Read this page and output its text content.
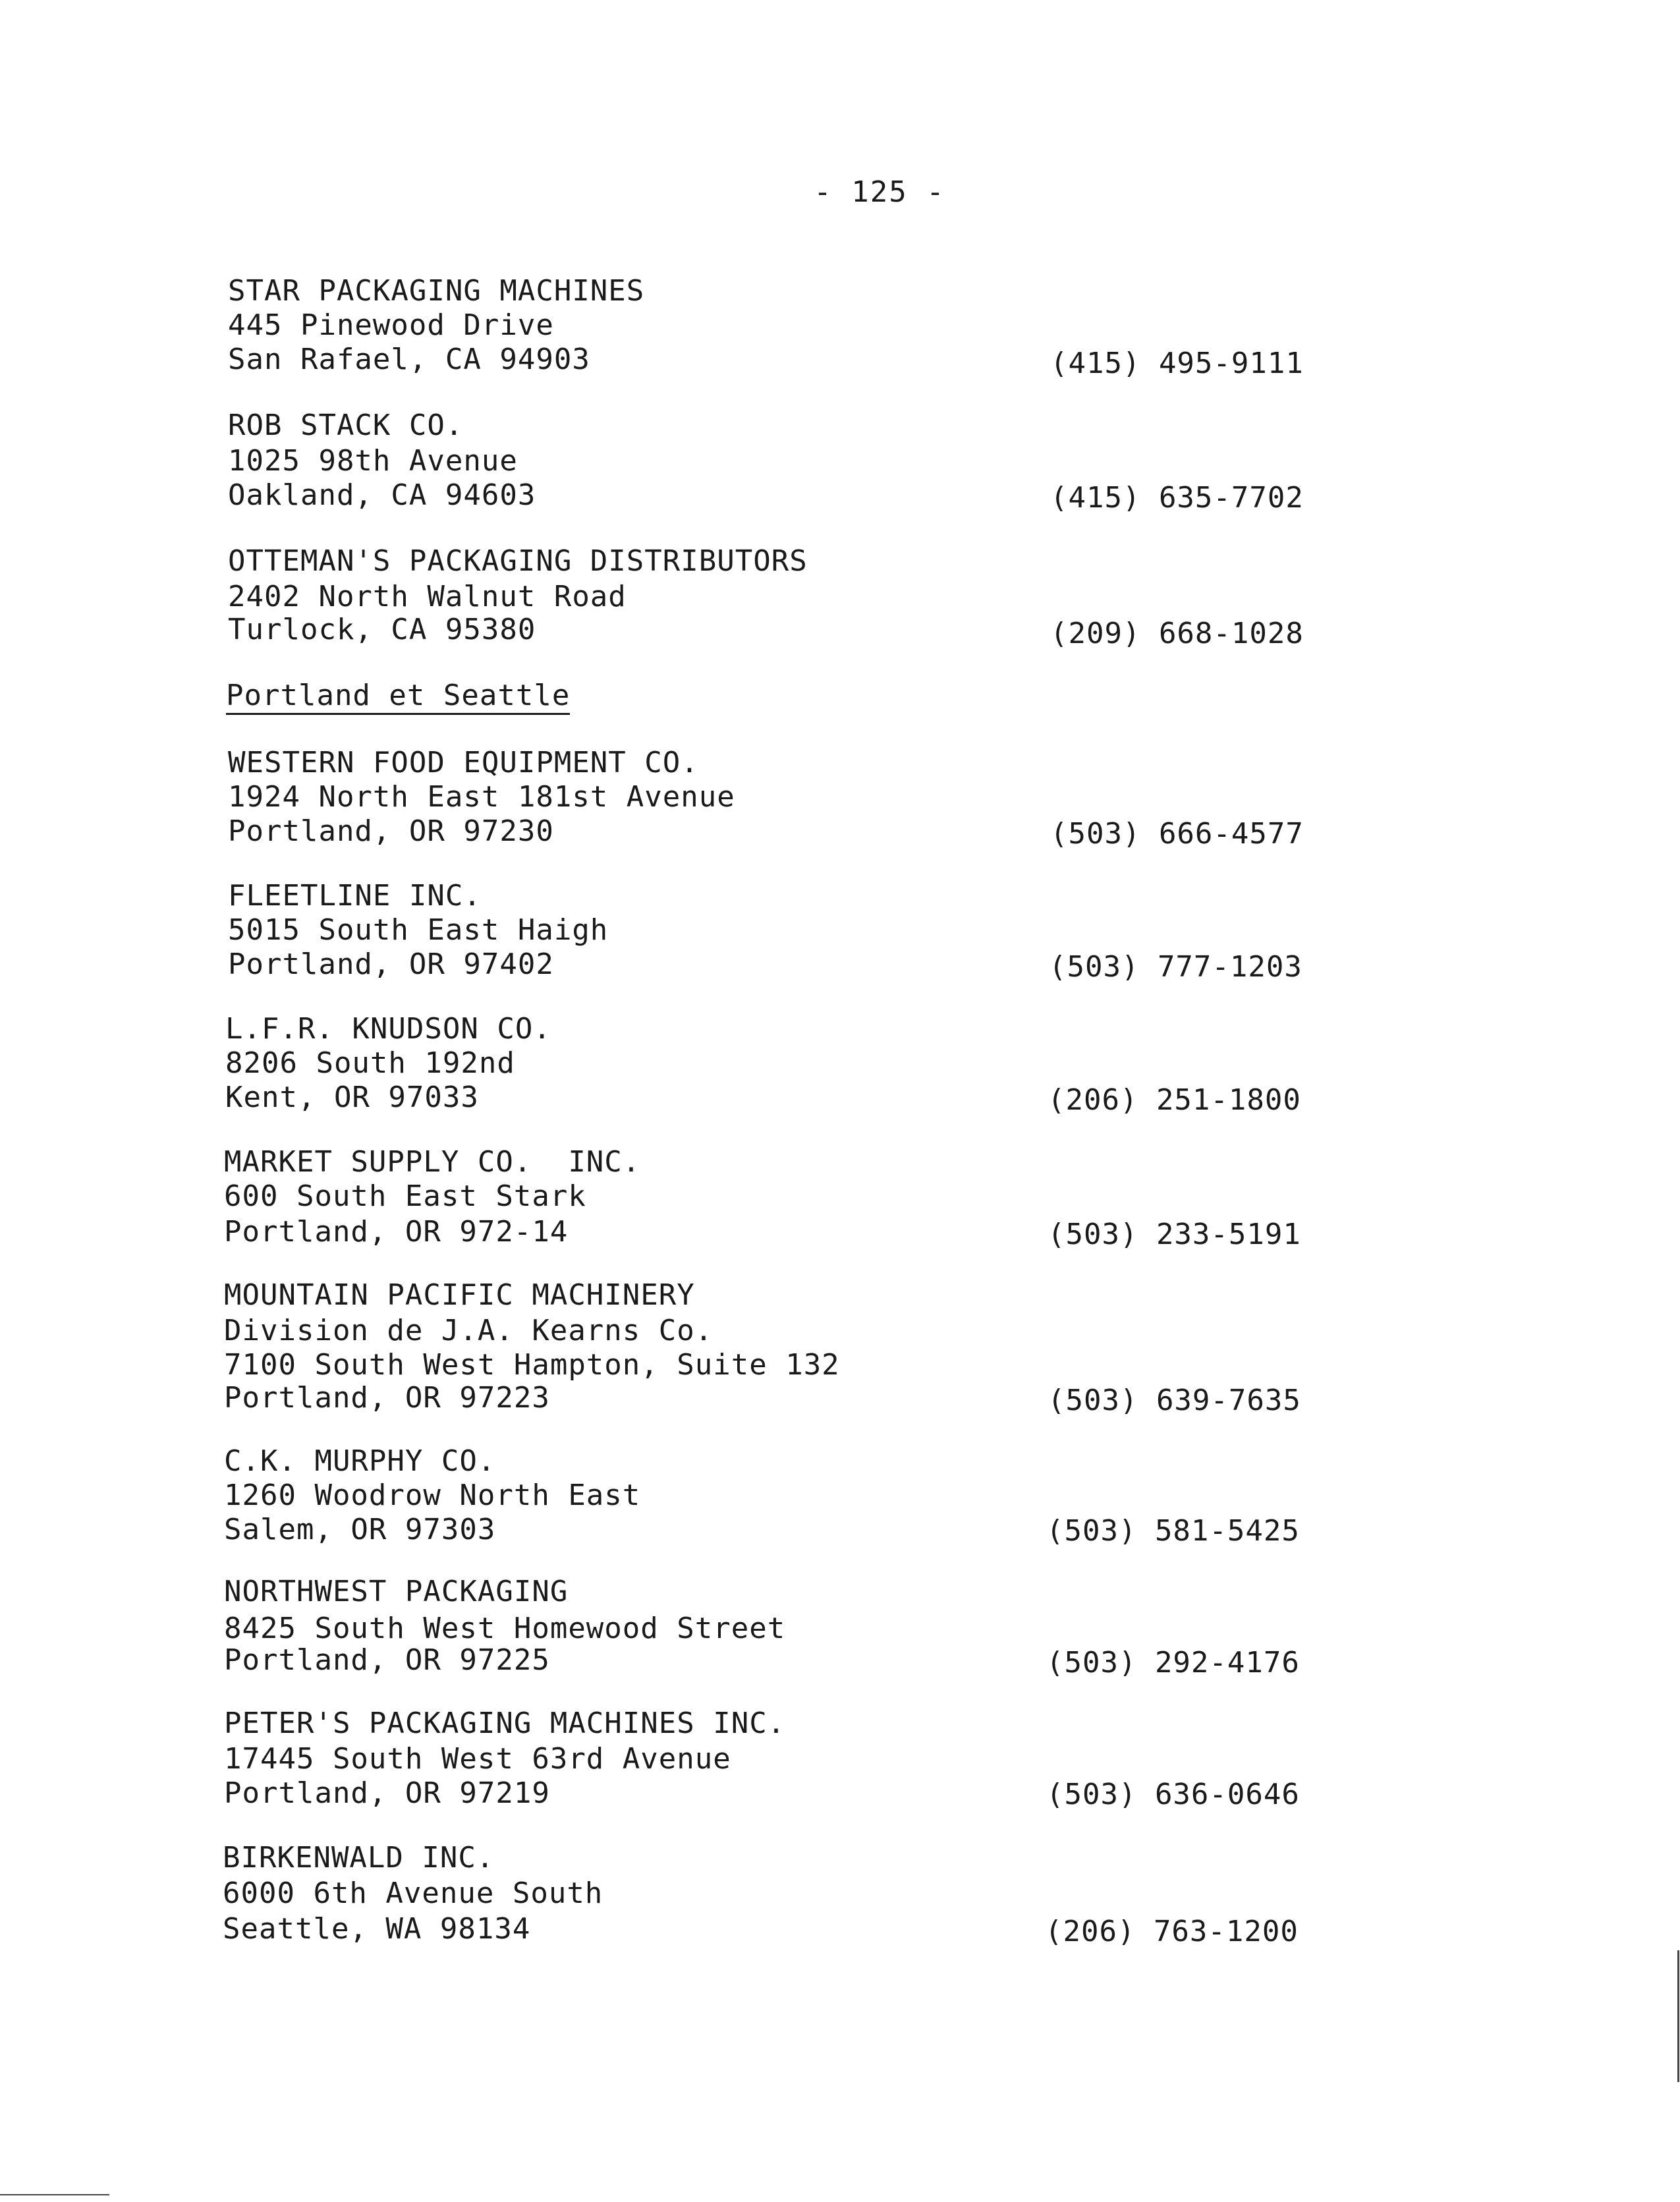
- 125 -
STAR PACKAGING MACHINES
445 Pinewood Drive
San Rafael, CA 94903	(415) 495-9111
ROB STACK CO.
1025 98th Avenue
Oakland, CA 94603	(415) 635-7702
OTTEMAN'S PACKAGING DISTRIBUTORS
2402 North Walnut Road
Turlock, CA 95380	(209) 668-1028
Portland et Seattle
WESTERN FOOD EQUIPMENT CO.
1924 North East 181st Avenue
Portland, OR 97230	(503) 666-4577
FLEETLINE INC.
5015 South East Haigh
Portland, OR 97402	(503) 777-1203
L.F.R. KNUDSON CO.
8206 South 192nd
Kent, OR 97033	(206) 251-1800
MARKET SUPPLY CO.  INC.
600 South East Stark
Portland, OR 972-14	(503) 233-5191
MOUNTAIN PACIFIC MACHINERY
Division de J.A. Kearns Co.
7100 South West Hampton, Suite 132
Portland, OR 97223	(503) 639-7635
C.K. MURPHY CO.
1260 Woodrow North East
Salem, OR 97303	(503) 581-5425
NORTHWEST PACKAGING
8425 South West Homewood Street
Portland, OR 97225	(503) 292-4176
PETER'S PACKAGING MACHINES INC.
17445 South West 63rd Avenue
Portland, OR 97219	(503) 636-0646
BIRKENWALD INC.
6000 6th Avenue South
Seattle, WA 98134	(206) 763-1200
